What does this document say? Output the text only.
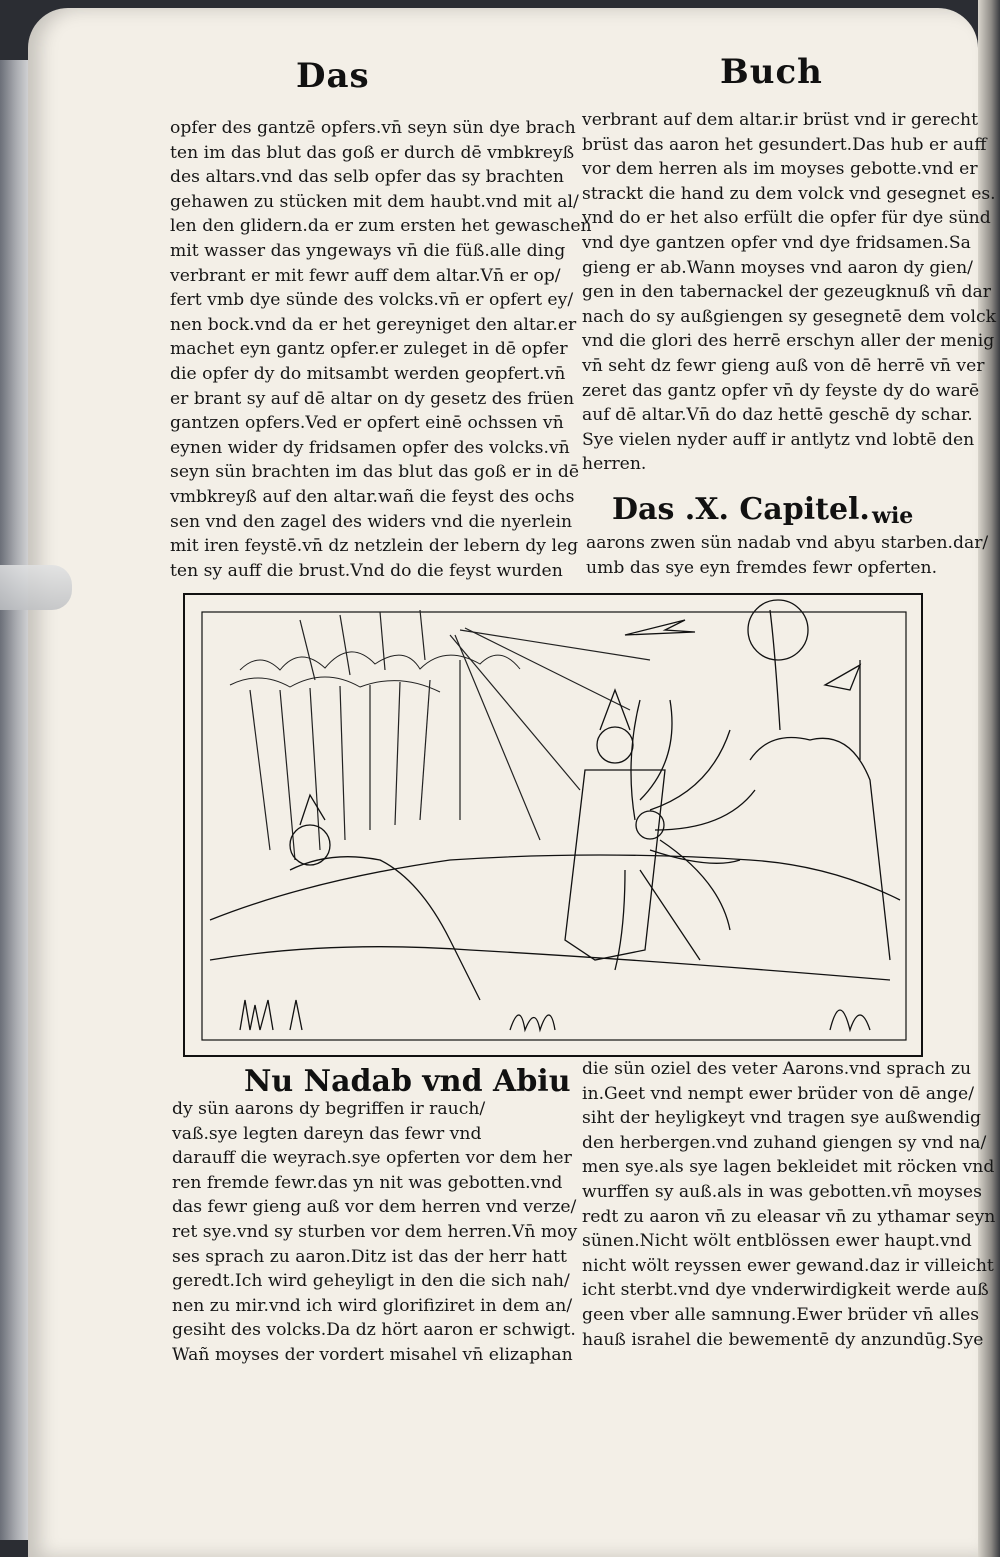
Das	Buch
opfer des gantzē opfers.vn̄ seyn sün dye brach
ten im das blut das goß er durch dē vmbkreyß
des altars.vnd das selb opfer das sy brachten
gehawen zu stücken mit dem haubt.vnd mit al/
len den glidern.da er zum ersten het gewaschen
mit wasser das yngeways vn̄ die füß.alle ding
verbrant er mit fewr auff dem altar.Vn̄ er op/
fert vmb dye sünde des volcks.vn̄ er opfert ey/
nen bock.vnd da er het gereyniget den altar.er
machet eyn gantz opfer.er zuleget in dē opfer
die opfer dy do mitsambt werden geopfert.vn̄
er brant sy auf dē altar on dy gesetz des früen
gantzen opfers.Ved er opfert einē ochssen vn̄
eynen wider dy fridsamen opfer des volcks.vn̄
seyn sün brachten im das blut das goß er in dē
vmbkreyß auf den altar.wañ die feyst des ochs
sen vnd den zagel des widers vnd die nyerlein
mit iren feystē.vn̄ dz netzlein der lebern dy leg
ten sy auff die brust.Vnd do die feyst wurden
verbrant auf dem altar.ir brüst vnd ir gerecht
brüst das aaron het gesundert.Das hub er auff
vor dem herren als im moyses gebotte.vnd er
strackt die hand zu dem volck vnd gesegnet es.
vnd do er het also erfült die opfer für dye sünd
vnd dye gantzen opfer vnd dye fridsamen.Sa
gieng er ab.Wann moyses vnd aaron dy gien/
gen in den tabernackel der gezeugknuß vn̄ dar
nach do sy außgiengen sy gesegnetē dem volck
vnd die glori des herrē erschyn aller der menig
vn̄ seht dz fewr gieng auß von dē herrē vn̄ ver
zeret das gantz opfer vn̄ dy feyste dy do warē
auf dē altar.Vn̄ do daz hettē geschē dy schar.
Sye vielen nyder auff ir antlytz vnd lobtē den
herren.
Das .X. Capitel. wie
aarons zwen sün nadab vnd abyu starben.dar/
umb das sye eyn fremdes fewr opferten.
Nu Nadab vnd Abiu
dy sün aarons dy begriffen ir rauch/
vaß.sye legten dareyn das fewr vnd
darauff die weyrach.sye opferten vor dem her
ren fremde fewr.das yn nit was gebotten.vnd
das fewr gieng auß vor dem herren vnd verze/
ret sye.vnd sy sturben vor dem herren.Vn̄ moy
ses sprach zu aaron.Ditz ist das der herr hatt
geredt.Ich wird geheyligt in den die sich nah/
nen zu mir.vnd ich wird glorifiziret in dem an/
gesiht des volcks.Da dz hört aaron er schwigt.
Wañ moyses der vordert misahel vn̄ elizaphan
die sün oziel des veter Aarons.vnd sprach zu
in.Geet vnd nempt ewer brüder von dē ange/
siht der heyligkeyt vnd tragen sye außwendig
den herbergen.vnd zuhand giengen sy vnd na/
men sye.als sye lagen bekleidet mit röcken vnd
wurffen sy auß.als in was gebotten.vn̄ moyses
redt zu aaron vn̄ zu eleasar vn̄ zu ythamar seyn
sünen.Nicht wölt entblössen ewer haupt.vnd
nicht wölt reyssen ewer gewand.daz ir villeicht
icht sterbt.vnd dye vnderwirdigkeit werde auß
geen vber alle samnung.Ewer brüder vn̄ alles
hauß israhel die bewementē dy anzundūg.Sye
